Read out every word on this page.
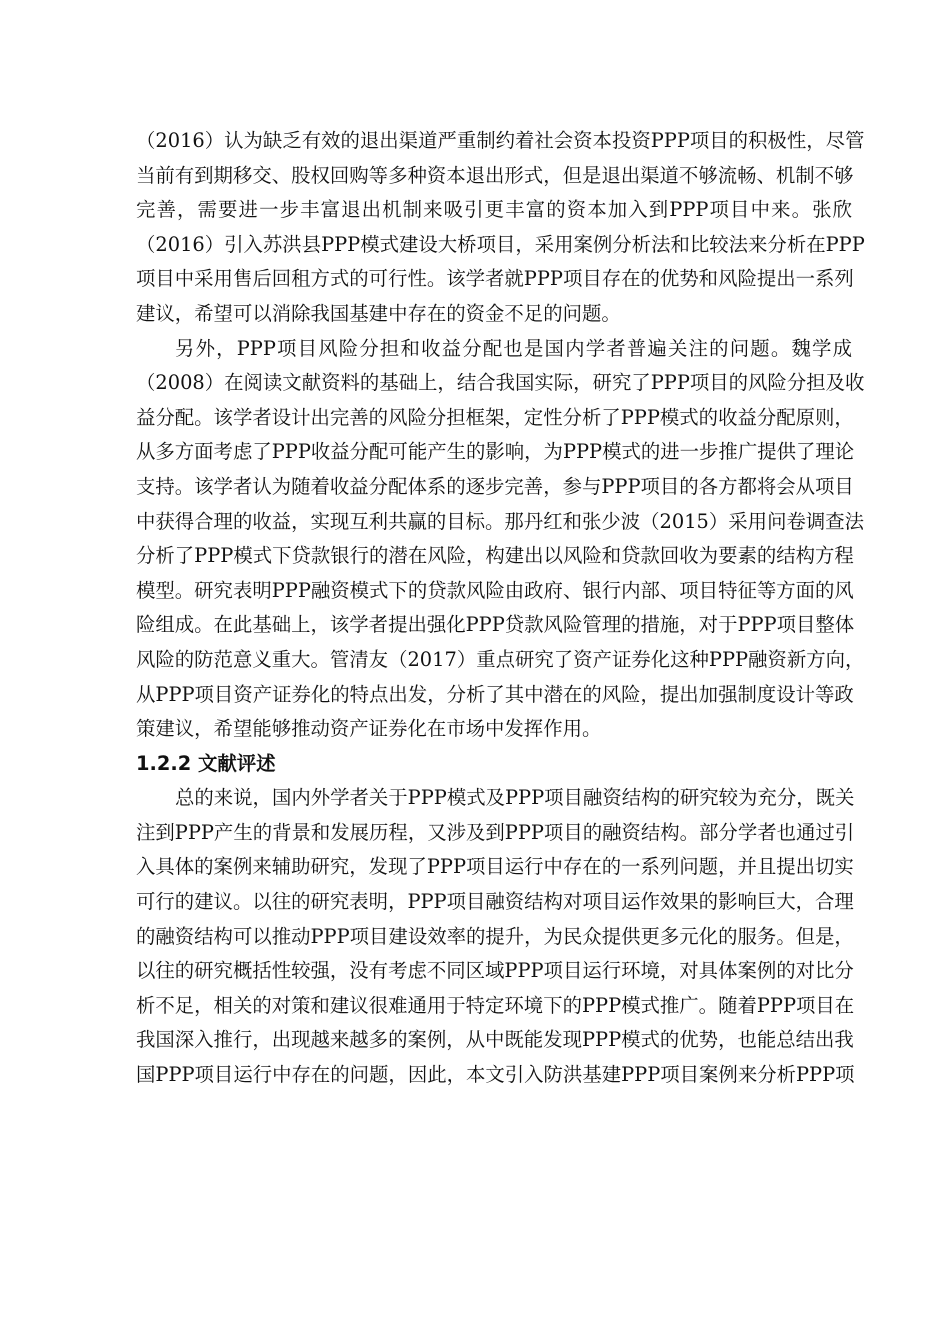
（2016）认为缺乏有效的退出渠道严重制约着社会资本投资PPP项目的积极性，尽管
当前有到期移交、股权回购等多种资本退出形式，但是退出渠道不够流畅、机制不够
完善，需要进一步丰富退出机制来吸引更丰富的资本加入到PPP项目中来。张欣
（2016）引入苏洪县PPP模式建设大桥项目，采用案例分析法和比较法来分析在PPP
项目中采用售后回租方式的可行性。该学者就PPP项目存在的优势和风险提出一系列
建议，希望可以消除我国基建中存在的资金不足的问题。
另外，PPP项目风险分担和收益分配也是国内学者普遍关注的问题。魏学成
（2008）在阅读文献资料的基础上，结合我国实际，研究了PPP项目的风险分担及收
益分配。该学者设计出完善的风险分担框架，定性分析了PPP模式的收益分配原则，
从多方面考虑了PPP收益分配可能产生的影响，为PPP模式的进一步推广提供了理论
支持。该学者认为随着收益分配体系的逐步完善，参与PPP项目的各方都将会从项目
中获得合理的收益，实现互利共赢的目标。那丹红和张少波（2015）采用问卷调查法
分析了PPP模式下贷款银行的潜在风险，构建出以风险和贷款回收为要素的结构方程
模型。研究表明PPP融资模式下的贷款风险由政府、银行内部、项目特征等方面的风
险组成。在此基础上，该学者提出强化PPP贷款风险管理的措施，对于PPP项目整体
风险的防范意义重大。管清友（2017）重点研究了资产证券化这种PPP融资新方向，
从PPP项目资产证券化的特点出发，分析了其中潜在的风险，提出加强制度设计等政
策建议，希望能够推动资产证券化在市场中发挥作用。
1.2.2 文献评述
总的来说，国内外学者关于PPP模式及PPP项目融资结构的研究较为充分，既关
注到PPP产生的背景和发展历程，又涉及到PPP项目的融资结构。部分学者也通过引
入具体的案例来辅助研究，发现了PPP项目运行中存在的一系列问题，并且提出切实
可行的建议。以往的研究表明，PPP项目融资结构对项目运作效果的影响巨大，合理
的融资结构可以推动PPP项目建设效率的提升，为民众提供更多元化的服务。但是，
以往的研究概括性较强，没有考虑不同区域PPP项目运行环境，对具体案例的对比分
析不足，相关的对策和建议很难通用于特定环境下的PPP模式推广。随着PPP项目在
我国深入推行，出现越来越多的案例，从中既能发现PPP模式的优势，也能总结出我
国PPP项目运行中存在的问题，因此，本文引入防洪基建PPP项目案例来分析PPP项
